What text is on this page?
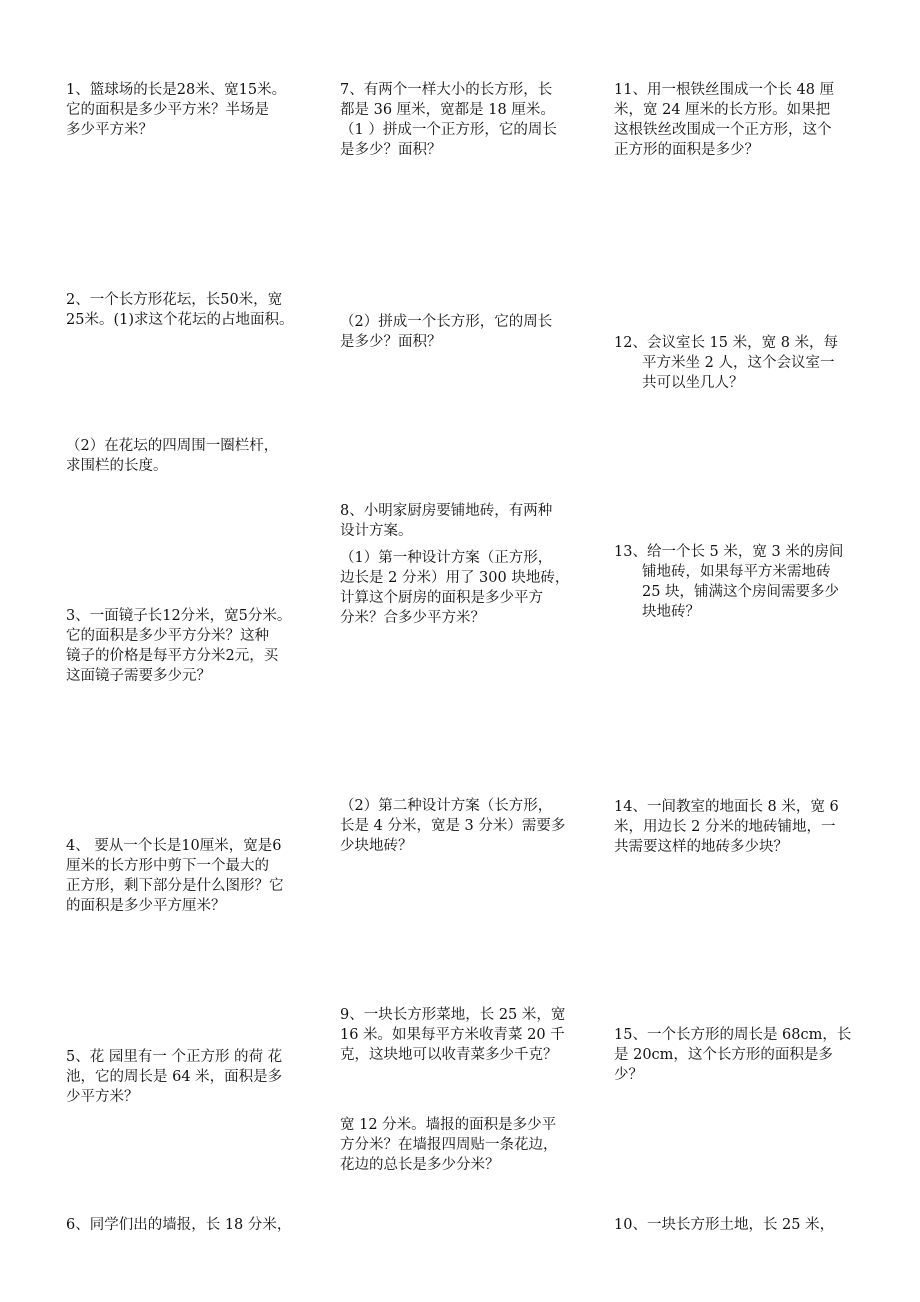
1、篮球场的长是28米、宽15米。
它的面积是多少平方米？半场是
多少平方米？
2、一个长方形花坛，长50米，宽
25米。(1)求这个花坛的占地面积。
（2）在花坛的四周围一圈栏杆，
求围栏的长度。
3、一面镜子长12分米，宽5分米。
它的面积是多少平方分米？这种
镜子的价格是每平方分米2元，买
这面镜子需要多少元？
4、 要从一个长是10厘米，宽是6
厘米的长方形中剪下一个最大的
正方形，剩下部分是什么图形？它
的面积是多少平方厘米？
5、花 园里有一 个正方形 的荷 花
池，它的周长是 64 米，面积是多
少平方米？
6、同学们出的墙报，长 18 分米，
7、有两个一样大小的长方形，长
都是 36 厘米，宽都是 18 厘米。
（1 ）拼成一个正方形，它的周长
是多少？面积？
（2）拼成一个长方形，它的周长
是多少？面积？
8、小明家厨房要铺地砖，有两种
设计方案。
（1）第一种设计方案（正方形，
边长是 2 分米）用了 300 块地砖，
计算这个厨房的面积是多少平方
分米？合多少平方米？
（2）第二种设计方案（长方形，
长是 4 分米，宽是 3 分米）需要多
少块地砖？
9、一块长方形菜地，长 25 米，宽
16 米。如果每平方米收青菜 20 千
克，这块地可以收青菜多少千克？
宽 12 分米。墙报的面积是多少平
方分米？在墙报四周贴一条花边，
花边的总长是多少分米？
11、用一根铁丝围成一个长 48 厘
米，宽 24 厘米的长方形。如果把
这根铁丝改围成一个正方形，这个
正方形的面积是多少？
12、会议室长 15 米，宽 8 米，每
平方米坐 2 人，这个会议室一
共可以坐几人？
13、给一个长 5 米，宽 3 米的房间
铺地砖，如果每平方米需地砖
25 块，铺满这个房间需要多少
块地砖？
14、一间教室的地面长 8 米，宽 6
米，用边长 2 分米的地砖铺地，一
共需要这样的地砖多少块？
15、一个长方形的周长是 68cm，长
是 20cm，这个长方形的面积是多
少？
10、一块长方形土地，长 25 米，
